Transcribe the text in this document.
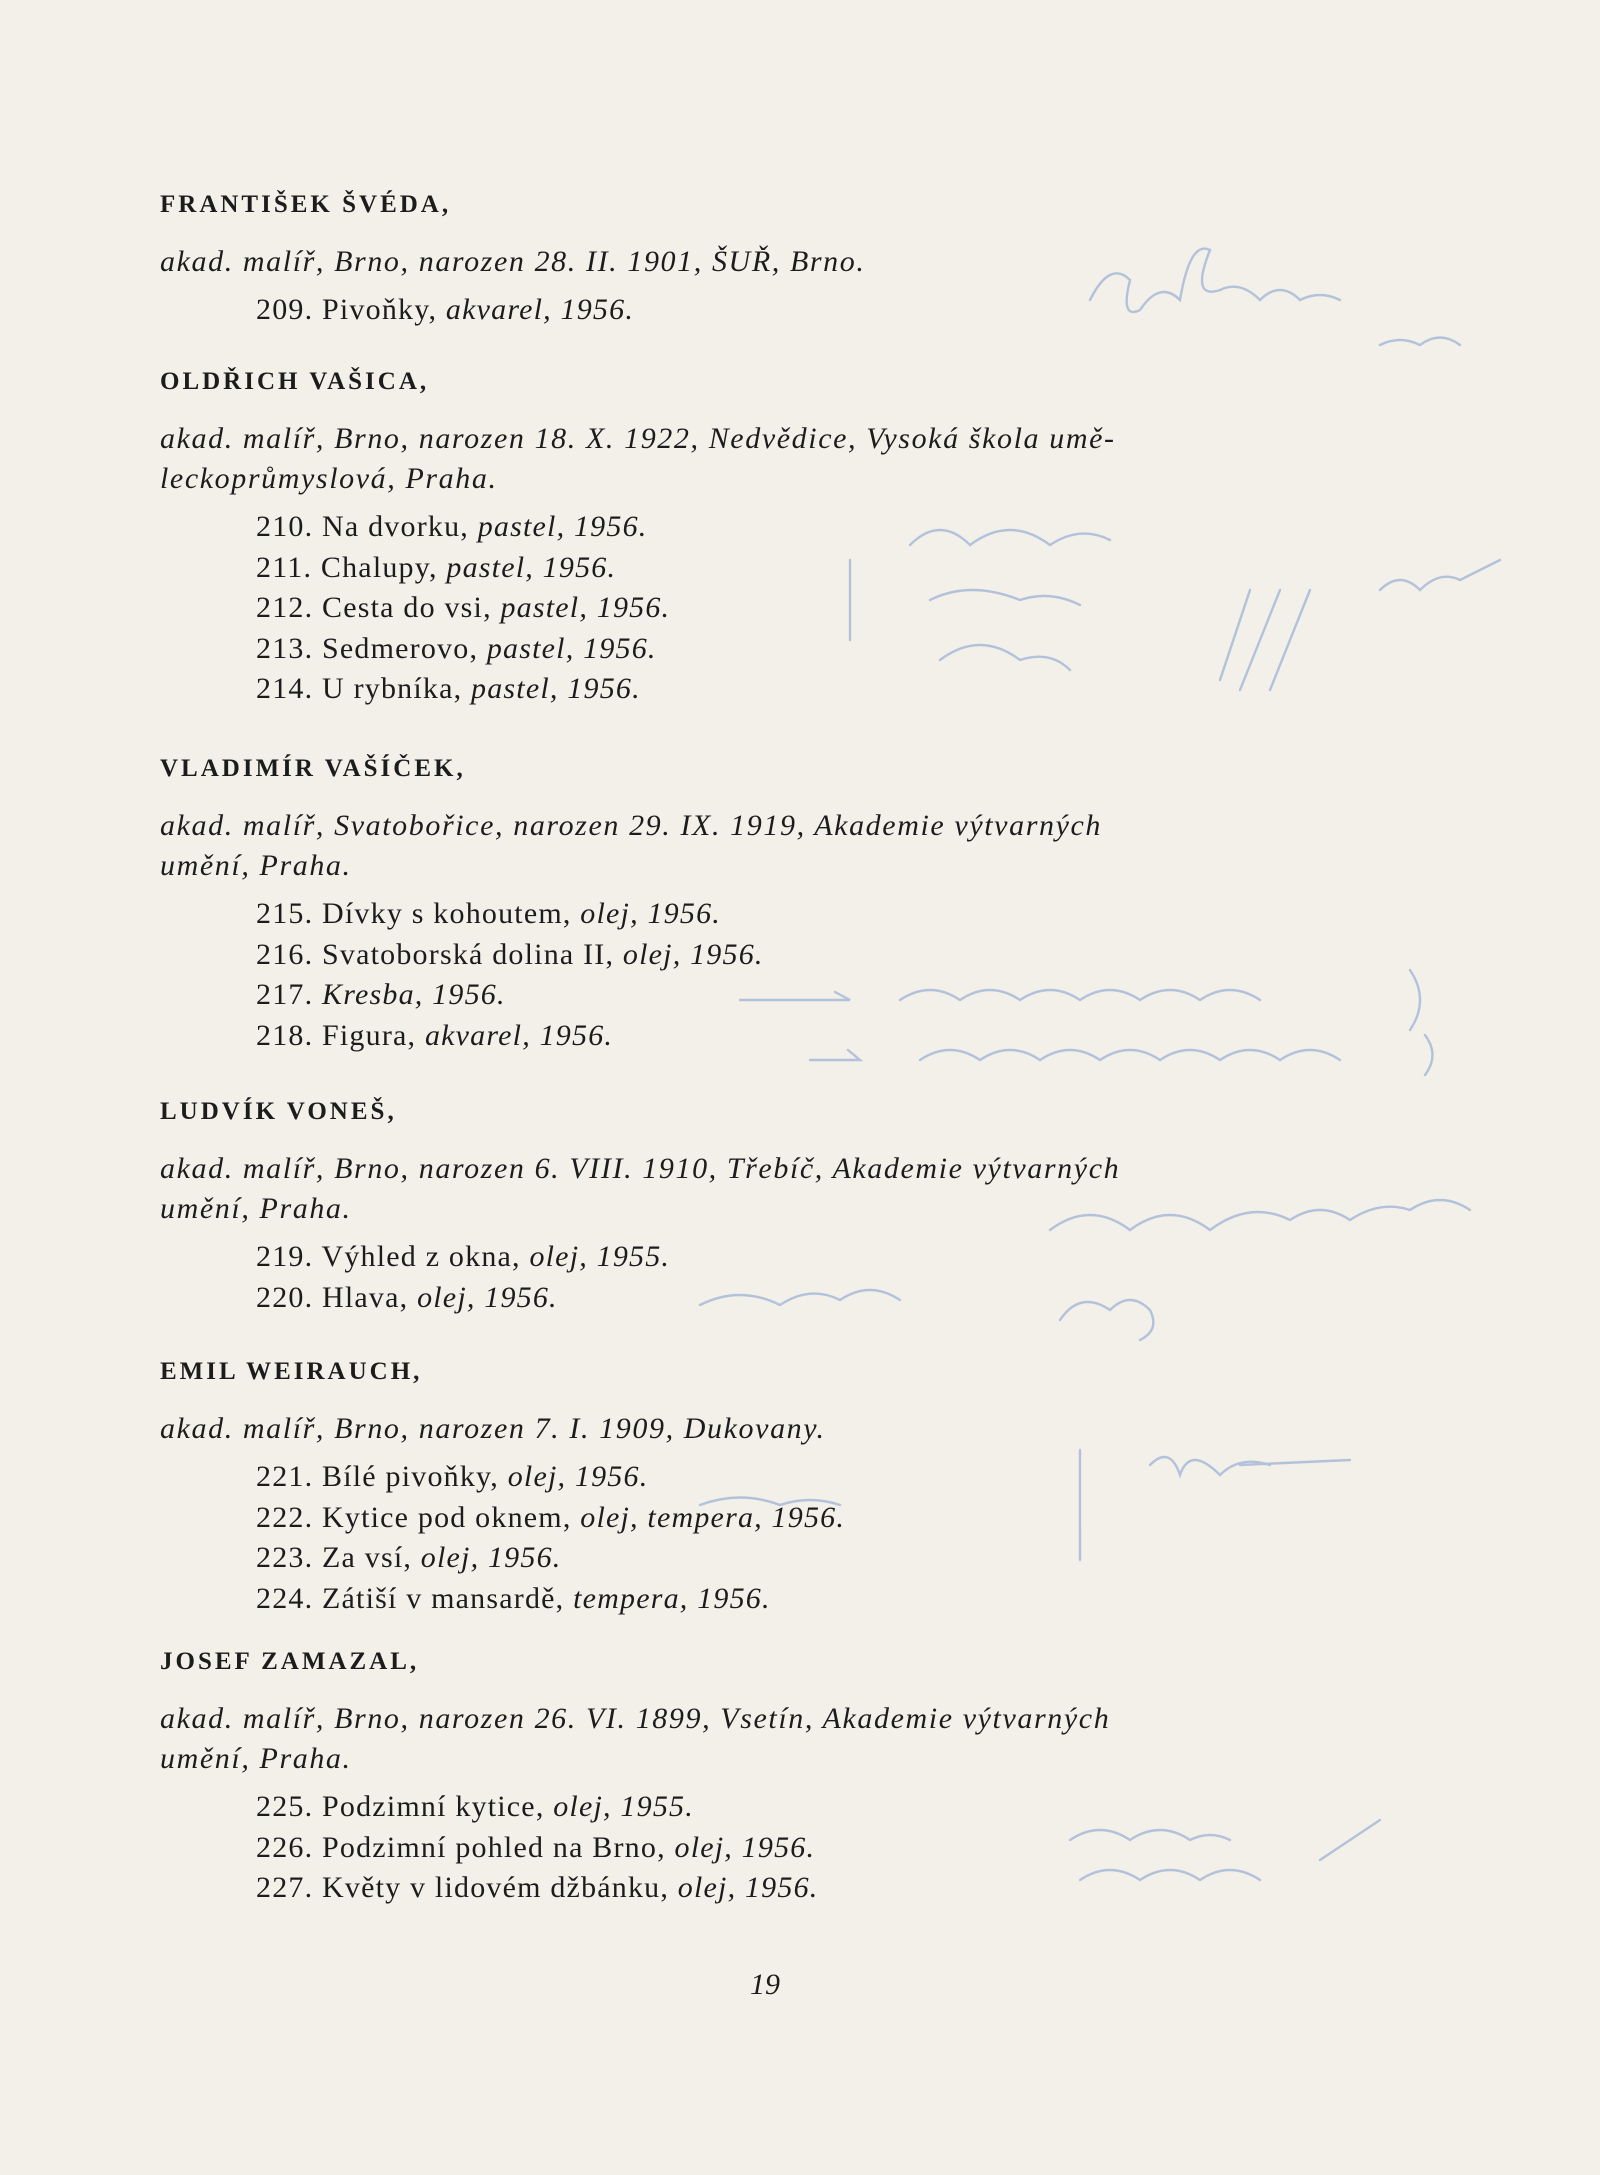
FRANTIŠEK ŠVÉDA,
akad. malíř, Brno, narozen 28. II. 1901, ŠUŘ, Brno.
209. Pivoňky, akvarel, 1956.
OLDŘICH VAŠICA,
akad. malíř, Brno, narozen 18. X. 1922, Nedvědice, Vysoká škola umě-
leckoprůmyslová, Praha.
210. Na dvorku, pastel, 1956.
211. Chalupy, pastel, 1956.
212. Cesta do vsi, pastel, 1956.
213. Sedmerovo, pastel, 1956.
214. U rybníka, pastel, 1956.
VLADIMÍR VAŠÍČEK,
akad. malíř, Svatobořice, narozen 29. IX. 1919, Akademie výtvarných
umění, Praha.
215. Dívky s kohoutem, olej, 1956.
216. Svatoborská dolina II, olej, 1956.
217. Kresba, 1956.
218. Figura, akvarel, 1956.
LUDVÍK VONEŠ,
akad. malíř, Brno, narozen 6. VIII. 1910, Třebíč, Akademie výtvarných
umění, Praha.
219. Výhled z okna, olej, 1955.
220. Hlava, olej, 1956.
EMIL WEIRAUCH,
akad. malíř, Brno, narozen 7. I. 1909, Dukovany.
221. Bílé pivoňky, olej, 1956.
222. Kytice pod oknem, olej, tempera, 1956.
223. Za vsí, olej, 1956.
224. Zátiší v mansardě, tempera, 1956.
JOSEF ZAMAZAL,
akad. malíř, Brno, narozen 26. VI. 1899, Vsetín, Akademie výtvarných
umění, Praha.
225. Podzimní kytice, olej, 1955.
226. Podzimní pohled na Brno, olej, 1956.
227. Květy v lidovém džbánku, olej, 1956.
19
